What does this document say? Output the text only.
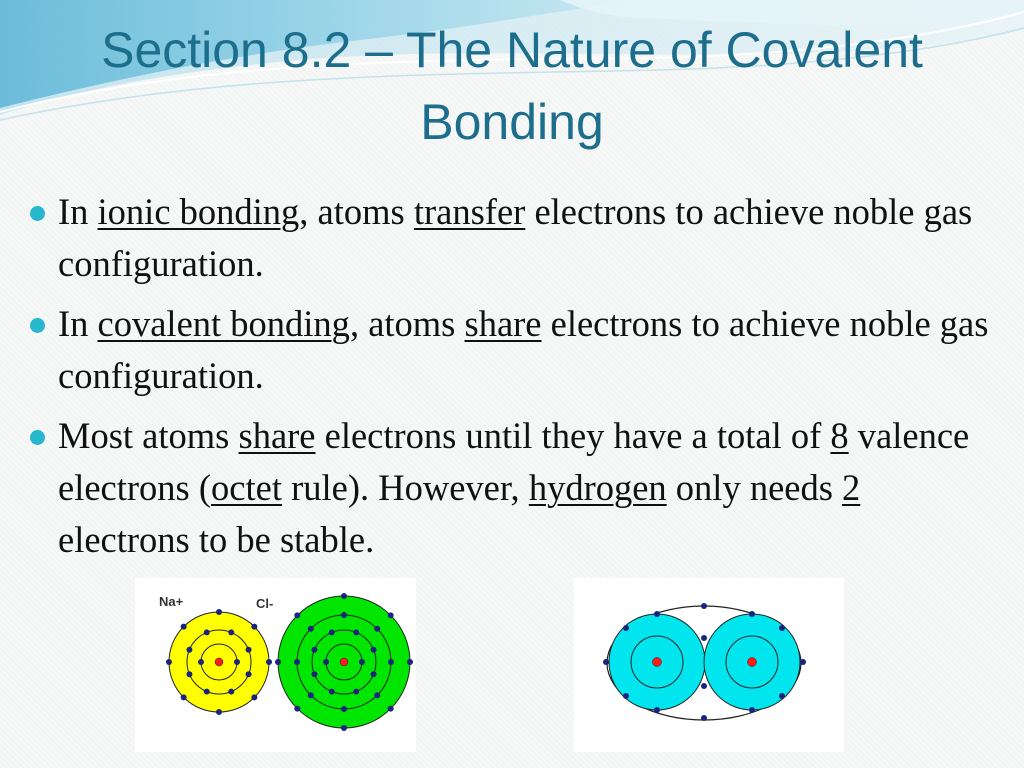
Section 8.2 – The Nature of Covalent
Bonding
In ionic bonding, atoms transfer electrons to achieve noble gas configuration.
In covalent bonding, atoms share electrons to achieve noble gas configuration.
Most atoms share electrons until they have a total of 8 valence electrons (octet rule). However, hydrogen only needs 2 electrons to be stable.
Na+	Cl-
